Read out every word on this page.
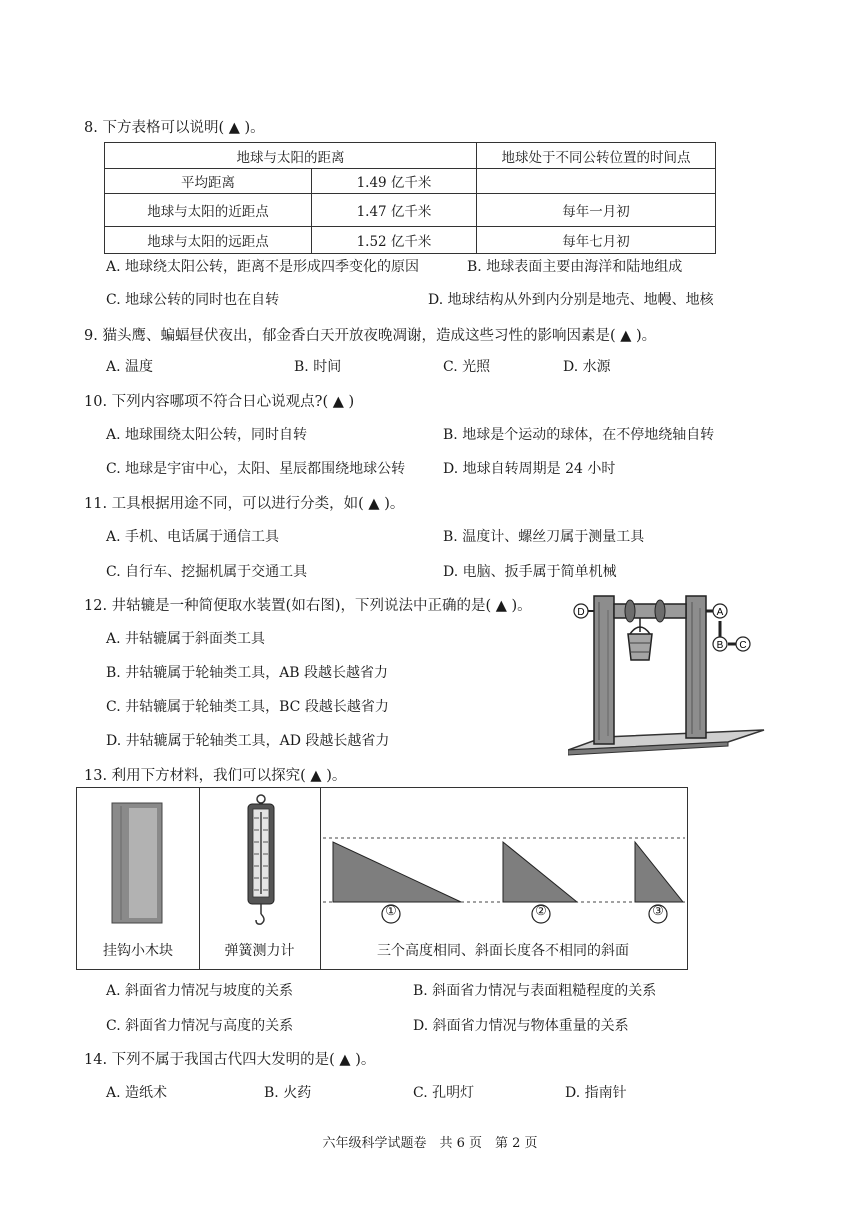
8. 下方表格可以说明( ▲ )。
地球与太阳的距离		地球处于不同公转位置的时间点
平均距离	1.49 亿千米	
地球与太阳的近距点	1.47 亿千米	每年一月初
地球与太阳的远距点	1.52 亿千米	每年七月初
A. 地球绕太阳公转，距离不是形成四季变化的原因	B. 地球表面主要由海洋和陆地组成
C. 地球公转的同时也在自转	D. 地球结构从外到内分别是地壳、地幔、地核
9. 猫头鹰、蝙蝠昼伏夜出，郁金香白天开放夜晚凋谢，造成这些习性的影响因素是( ▲ )。
A. 温度	B. 时间	C. 光照	D. 水源
10. 下列内容哪项不符合日心说观点?( ▲ )
A. 地球围绕太阳公转，同时自转	B. 地球是个运动的球体，在不停地绕轴自转
C. 地球是宇宙中心，太阳、星辰都围绕地球公转	D. 地球自转周期是 24 小时
11. 工具根据用途不同，可以进行分类，如( ▲ )。
A. 手机、电话属于通信工具	B. 温度计、螺丝刀属于测量工具
C. 自行车、挖掘机属于交通工具	D. 电脑、扳手属于简单机械
12. 井轱辘是一种简便取水装置(如右图)，下列说法中正确的是( ▲ )。
A. 井轱辘属于斜面类工具
B. 井轱辘属于轮轴类工具，AB 段越长越省力
C. 井轱辘属于轮轴类工具，BC 段越长越省力
D. 井轱辘属于轮轴类工具，AD 段越长越省力
D	A
B C
13. 利用下方材料，我们可以探究( ▲ )。
①	②	③
挂钩小木块	弹簧测力计	三个高度相同、斜面长度各不相同的斜面
A. 斜面省力情况与坡度的关系	B. 斜面省力情况与表面粗糙程度的关系
C. 斜面省力情况与高度的关系	D. 斜面省力情况与物体重量的关系
14. 下列不属于我国古代四大发明的是( ▲ )。
A. 造纸术	B. 火药	C. 孔明灯	D. 指南针
六年级科学试题卷　共 6 页　第 2 页
